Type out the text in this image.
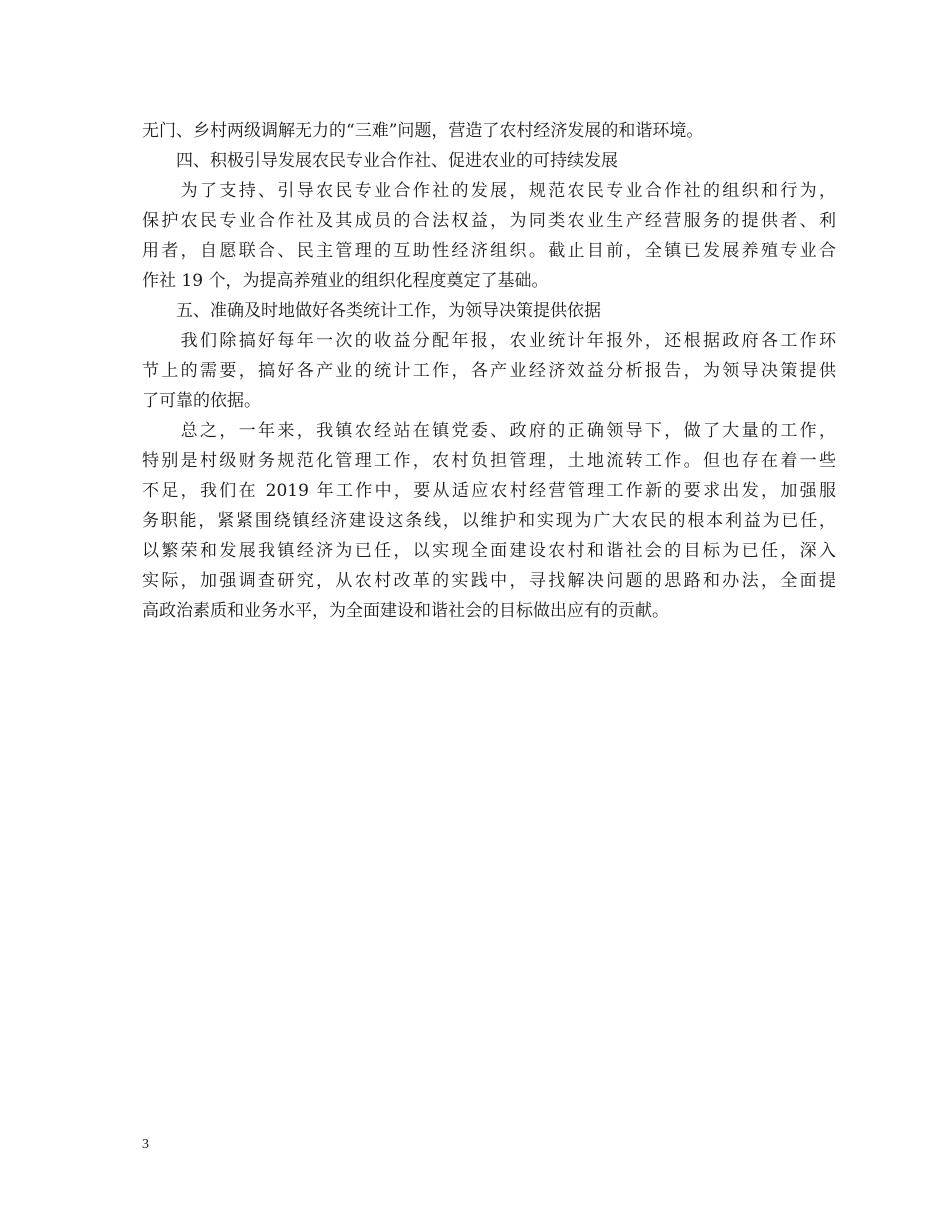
无门、乡村两级调解无力的“三难”问题，营造了农村经济发展的和谐环境。
　　四、积极引导发展农民专业合作社、促进农业的可持续发展
　　为了支持、引导农民专业合作社的发展，规范农民专业合作社的组织和行为，
保护农民专业合作社及其成员的合法权益，为同类农业生产经营服务的提供者、利
用者，自愿联合、民主管理的互助性经济组织。截止目前，全镇已发展养殖专业合
作社 19 个，为提高养殖业的组织化程度奠定了基础。
　　五、准确及时地做好各类统计工作，为领导决策提供依据
　　我们除搞好每年一次的收益分配年报，农业统计年报外，还根据政府各工作环
节上的需要，搞好各产业的统计工作，各产业经济效益分析报告，为领导决策提供
了可靠的依据。
　　总之，一年来，我镇农经站在镇党委、政府的正确领导下，做了大量的工作，
特别是村级财务规范化管理工作，农村负担管理，土地流转工作。但也存在着一些
不足，我们在 2019 年工作中，要从适应农村经营管理工作新的要求出发，加强服
务职能，紧紧围绕镇经济建设这条线，以维护和实现为广大农民的根本利益为已任，
以繁荣和发展我镇经济为已任，以实现全面建设农村和谐社会的目标为已任，深入
实际，加强调查研究，从农村改革的实践中，寻找解决问题的思路和办法，全面提
高政治素质和业务水平，为全面建设和谐社会的目标做出应有的贡献。
3
